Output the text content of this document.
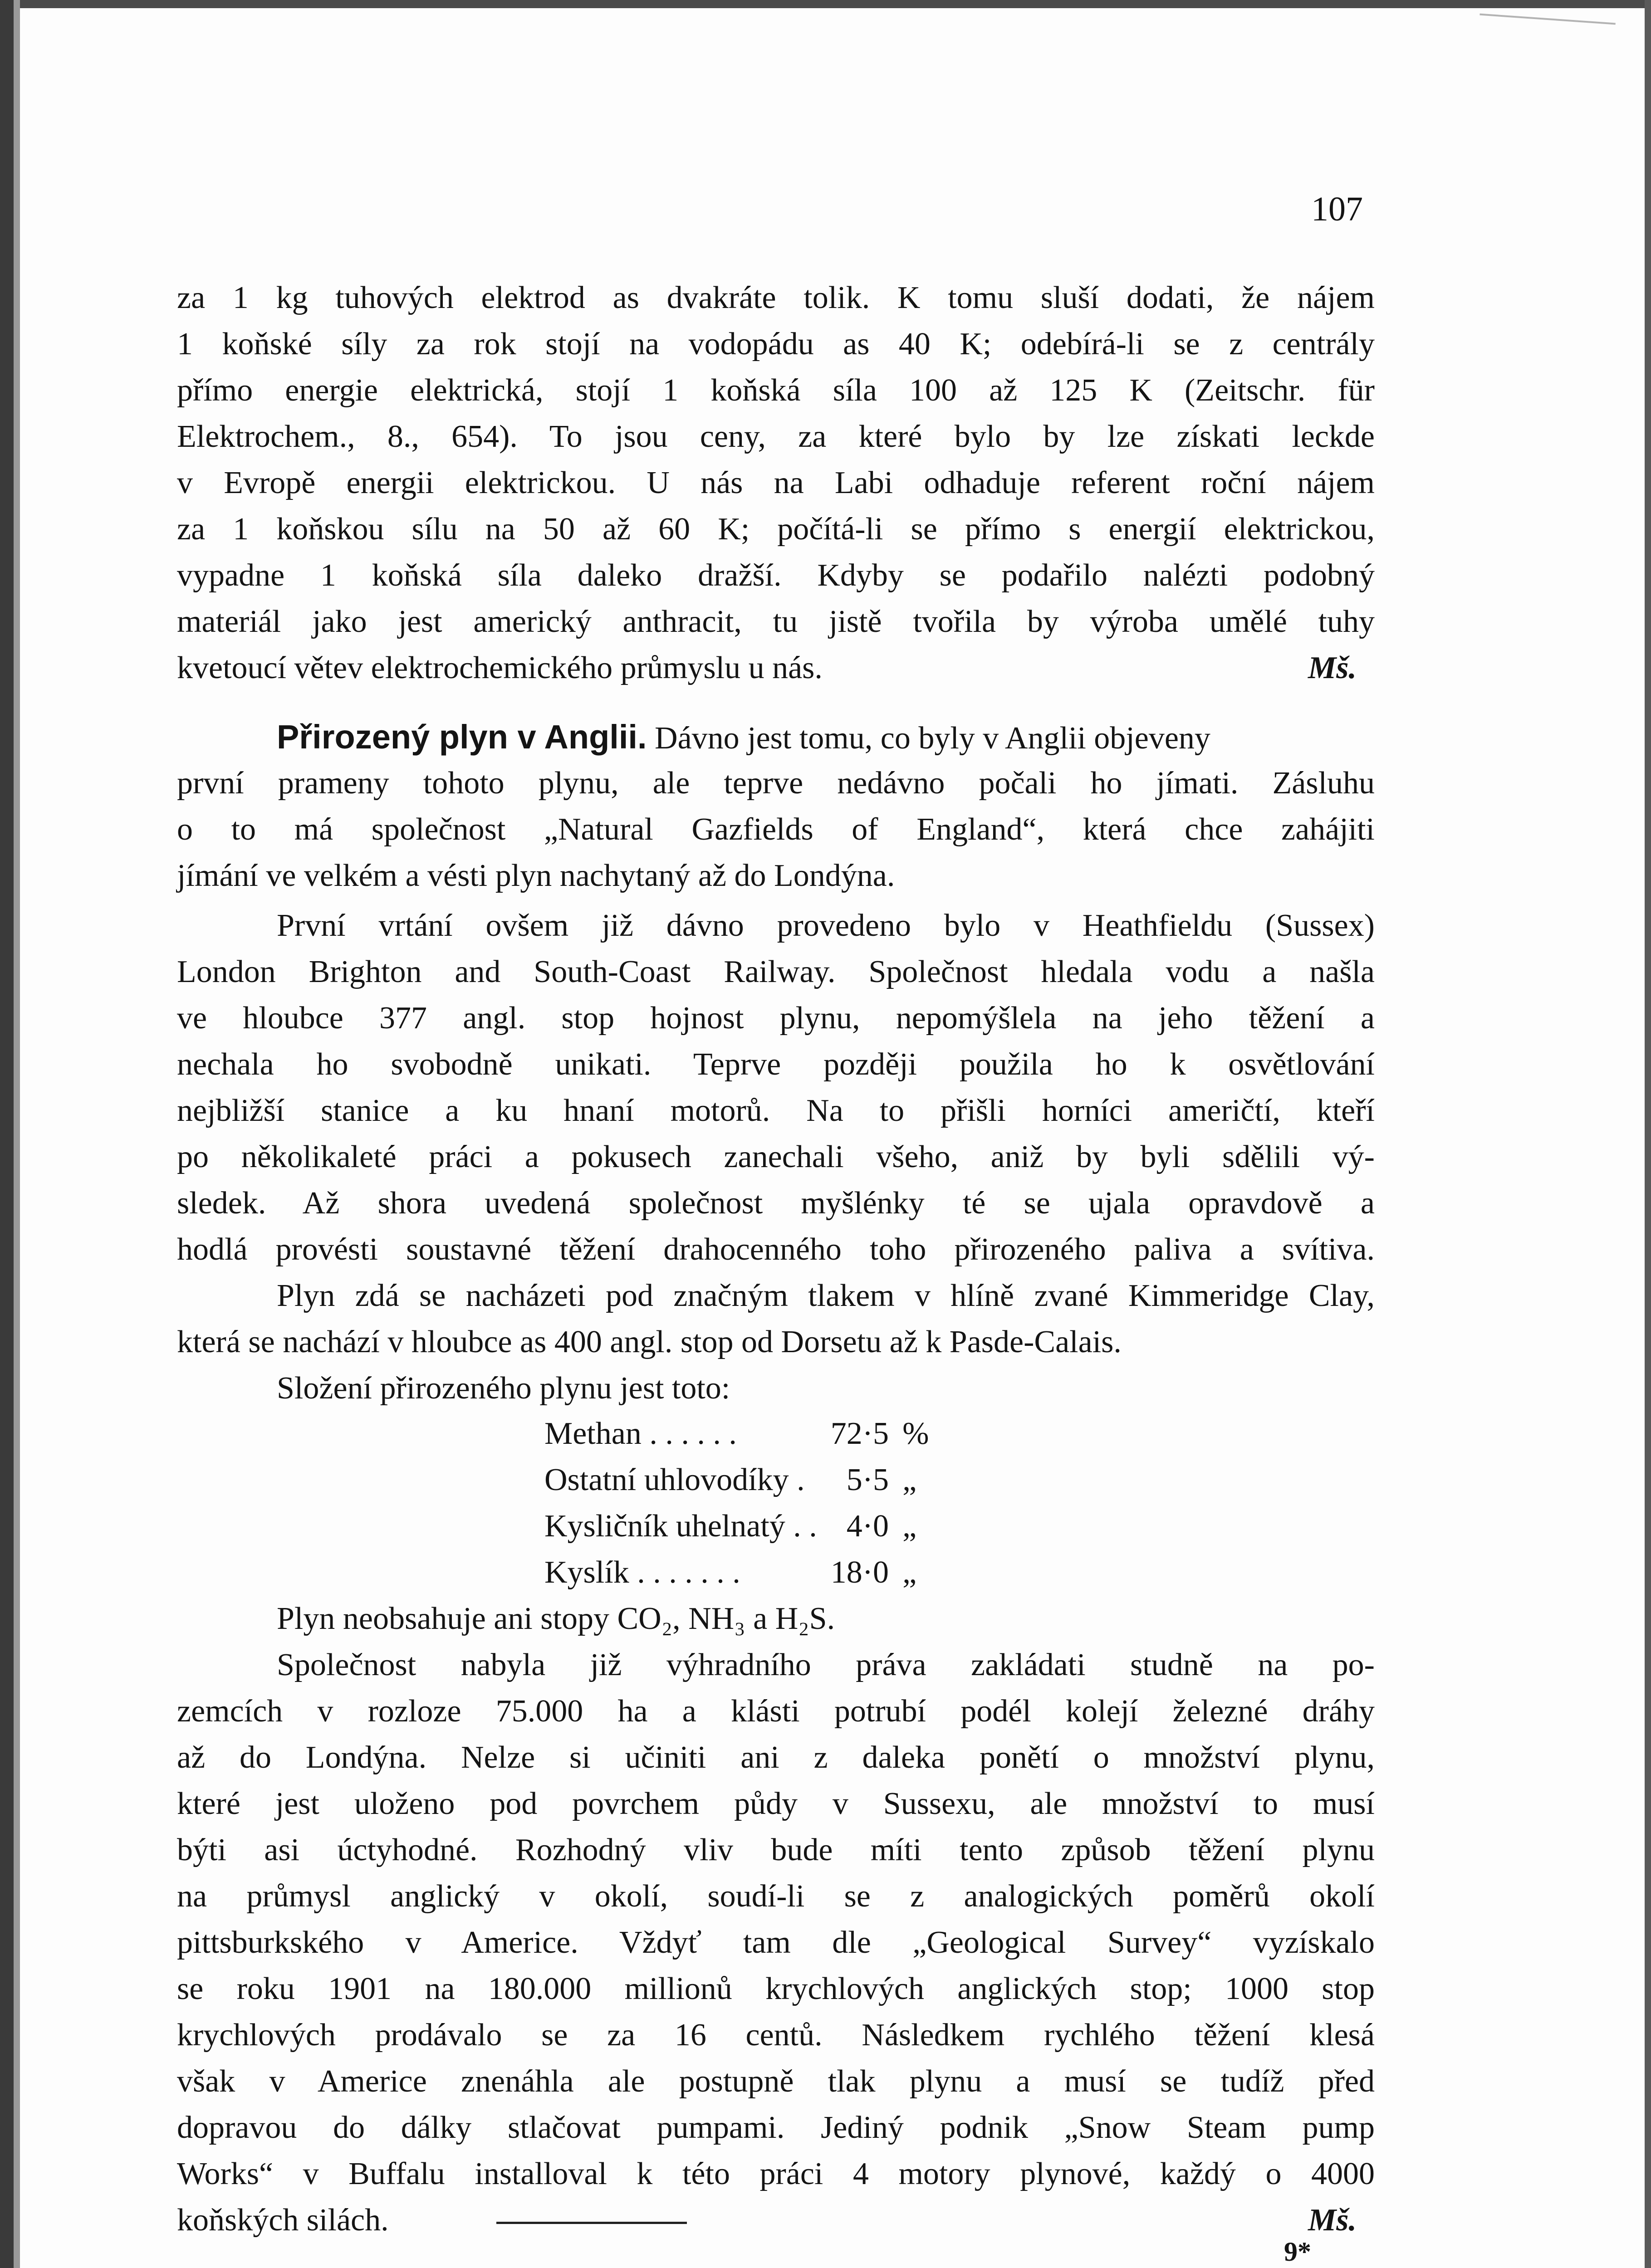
107
za 1 kg tuhových elektrod as dvakráte tolik. K tomu sluší dodati, že nájem
1 koňské síly za rok stojí na vodopádu as 40 K; odebírá-li se z centrály
přímo energie elektrická, stojí 1 koňská síla 100 až 125 K (Zeitschr. für
Elektrochem., 8., 654). To jsou ceny, za které bylo by lze získati leckde
v Evropě energii elektrickou. U nás na Labi odhaduje referent roční nájem
za 1 koňskou sílu na 50 až 60 K; počítá-li se přímo s energií elektrickou,
vypadne 1 koňská síla daleko dražší. Kdyby se podařilo nalézti podobný
materiál jako jest americký anthracit, tu jistě tvořila by výroba umělé tuhy
kvetoucí větev elektrochemického průmyslu u nás.	Mš.
Přirozený plyn v Anglii. Dávno jest tomu, co byly v Anglii objeveny
první prameny tohoto plynu, ale teprve nedávno počali ho jímati. Zásluhu
o to má společnost „Natural Gazfields of England“, která chce zahájiti
jímání ve velkém a vésti plyn nachytaný až do Londýna.
První vrtání ovšem již dávno provedeno bylo v Heathfieldu (Sussex)
London Brighton and South-Coast Railway. Společnost hledala vodu a našla
ve hloubce 377 angl. stop hojnost plynu, nepomýšlela na jeho těžení a
nechala ho svobodně unikati. Teprve později použila ho k osvětlování
nejbližší stanice a ku hnaní motorů. Na to přišli horníci američtí, kteří
po několikaleté práci a pokusech zanechali všeho, aniž by byli sdělili vý-
sledek. Až shora uvedená společnost myšlénky té se ujala opravdově a
hodlá provésti soustavné těžení drahocenného toho přirozeného paliva a svítiva.
Plyn zdá se nacházeti pod značným tlakem v hlíně zvané Kimmeridge Clay,
která se nachází v hloubce as 400 angl. stop od Dorsetu až k Pasde-Calais.
Složení přirozeného plynu jest toto:
Methan . . . . . .	72·5	%
Ostatní uhlovodíky .	5·5	„
Kysličník uhelnatý . .	4·0	„
Kyslík . . . . . . .	18·0	„
Plyn neobsahuje ani stopy CO₂, NH₃ a H₂S.
Společnost nabyla již výhradního práva zakládati studně na po-
zemcích v rozloze 75.000 ha a klásti potrubí podél kolejí železné dráhy
až do Londýna. Nelze si učiniti ani z daleka ponětí o množství plynu,
které jest uloženo pod povrchem půdy v Sussexu, ale množství to musí
býti asi úctyhodné. Rozhodný vliv bude míti tento způsob těžení plynu
na průmysl anglický v okolí, soudí-li se z analogických poměrů okolí
pittsburkského v Americe. Vždyť tam dle „Geological Survey“ vyzískalo
se roku 1901 na 180.000 millionů krychlových anglických stop; 1000 stop
krychlových prodávalo se za 16 centů. Následkem rychlého těžení klesá
však v Americe znenáhla ale postupně tlak plynu a musí se tudíž před
dopravou do dálky stlačovat pumpami. Jediný podnik „Snow Steam pump
Works“ v Buffalu installoval k této práci 4 motory plynové, každý o 4000
koňských silách.	Mš.
9*
